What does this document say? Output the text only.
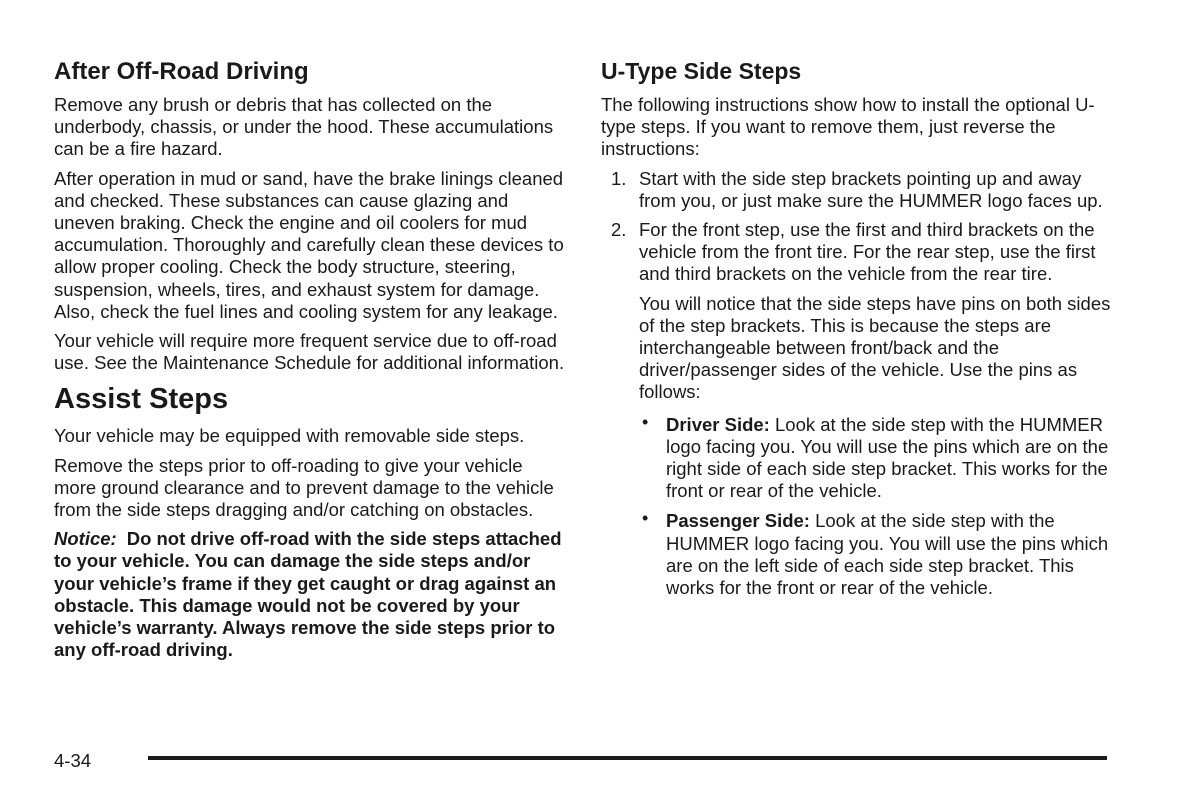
After Off-Road Driving

Remove any brush or debris that has collected on the underbody, chassis, or under the hood. These accumulations can be a fire hazard.

After operation in mud or sand, have the brake linings cleaned and checked. These substances can cause glazing and uneven braking. Check the engine and oil coolers for mud accumulation. Thoroughly and carefully clean these devices to allow proper cooling. Check the body structure, steering, suspension, wheels, tires, and exhaust system for damage. Also, check the fuel lines and cooling system for any leakage.

Your vehicle will require more frequent service due to off-road use. See the Maintenance Schedule for additional information.

Assist Steps

Your vehicle may be equipped with removable side steps.

Remove the steps prior to off-roading to give your vehicle more ground clearance and to prevent damage to the vehicle from the side steps dragging and/or catching on obstacles.

Notice: Do not drive off-road with the side steps attached to your vehicle. You can damage the side steps and/or your vehicle’s frame if they get caught or drag against an obstacle. This damage would not be covered by your vehicle’s warranty. Always remove the side steps prior to any off-road driving.

U-Type Side Steps

The following instructions show how to install the optional U-type steps. If you want to remove them, just reverse the instructions:

1. Start with the side step brackets pointing up and away from you, or just make sure the HUMMER logo faces up.
2. For the front step, use the first and third brackets on the vehicle from the front tire. For the rear step, use the first and third brackets on the vehicle from the rear tire.

You will notice that the side steps have pins on both sides of the step brackets. This is because the steps are interchangeable between front/back and the driver/passenger sides of the vehicle. Use the pins as follows:

• Driver Side: Look at the side step with the HUMMER logo facing you. You will use the pins which are on the right side of each side step bracket. This works for the front or rear of the vehicle.
• Passenger Side: Look at the side step with the HUMMER logo facing you. You will use the pins which are on the left side of each side step bracket. This works for the front or rear of the vehicle.
4-34
